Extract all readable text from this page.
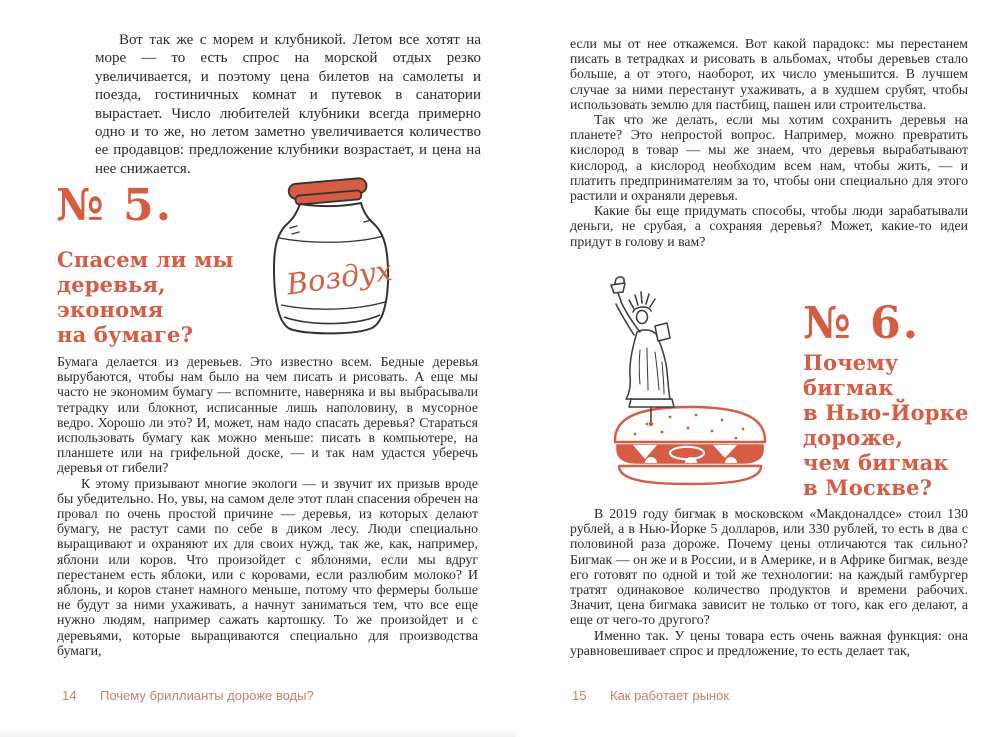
Вот так же с морем и клубникой. Летом все хотят на море — то есть спрос на морской отдых резко увеличивается, и поэтому цена билетов на самолеты и поезда, гостиничных комнат и путевок в санатории вырастает. Число любителей клубники всегда примерно одно и то же, но летом заметно увеличивается количество ее продавцов: предложение клубники возрастает, и цена на нее снижается.

№ 5.
Спасем ли мы
деревья,
экономя
на бумаге?
Воздух

Бумага делается из деревьев. Это известно всем. Бедные деревья вырубаются, чтобы нам было на чем писать и рисовать. А еще мы часто не экономим бумагу — вспомните, наверняка и вы выбрасывали тетрадку или блокнот, исписанные лишь наполовину, в мусорное ведро. Хорошо ли это? И, может, нам надо спасать деревья? Стараться использовать бумагу как можно меньше: писать в компьютере, на планшете или на грифельной доске, — и так нам удастся уберечь деревья от гибели?

К этому призывают многие экологи — и звучит их призыв вроде бы убедительно. Но, увы, на самом деле этот план спасения обречен на провал по очень простой причине — деревья, из которых делают бумагу, не растут сами по себе в диком лесу. Люди специально выращивают и охраняют их для своих нужд, так же, как, например, яблони или коров. Что произойдет с яблонями, если мы вдруг перестанем есть яблоки, или с коровами, если разлюбим молоко? И яблонь, и коров станет намного меньше, потому что фермеры больше не будут за ними ухаживать, а начнут заниматься тем, что все еще нужно людям, например сажать картошку. То же произойдет и с деревьями, которые выращиваются специально для производства бумаги,

14	Почему бриллианты дороже воды?

если мы от нее откажемся. Вот какой парадокс: мы перестанем писать в тетрадках и рисовать в альбомах, чтобы деревьев стало больше, а от этого, наоборот, их число уменьшится. В лучшем случае за ними перестанут ухаживать, а в худшем срубят, чтобы использовать землю для пастбищ, пашен или строительства.

Так что же делать, если мы хотим сохранить деревья на планете? Это непростой вопрос. Например, можно превратить кислород в товар — мы же знаем, что деревья вырабатывают кислород, а кислород необходим всем нам, чтобы жить, — и платить предпринимателям за то, чтобы они специально для этого растили и охраняли деревья.

Какие бы еще придумать способы, чтобы люди зарабатывали деньги, не срубая, а сохраняя деревья? Может, какие-то идеи придут в голову и вам?

№ 6.
Почему
бигмак
в Нью-Йорке
дороже,
чем бигмак
в Москве?

В 2019 году бигмак в московском «Макдоналдсе» стоил 130 рублей, а в Нью-Йорке 5 долларов, или 330 рублей, то есть в два с половиной раза дороже. Почему цены отличаются так сильно? Бигмак — он же и в России, и в Америке, и в Африке бигмак, везде его готовят по одной и той же технологии: на каждый гамбургер тратят одинаковое количество продуктов и времени рабочих. Значит, цена бигмака зависит не только от того, как его делают, а еще от чего-то другого?

Именно так. У цены товара есть очень важная функция: она уравновешивает спрос и предложение, то есть делает так,

15	Как работает рынок
